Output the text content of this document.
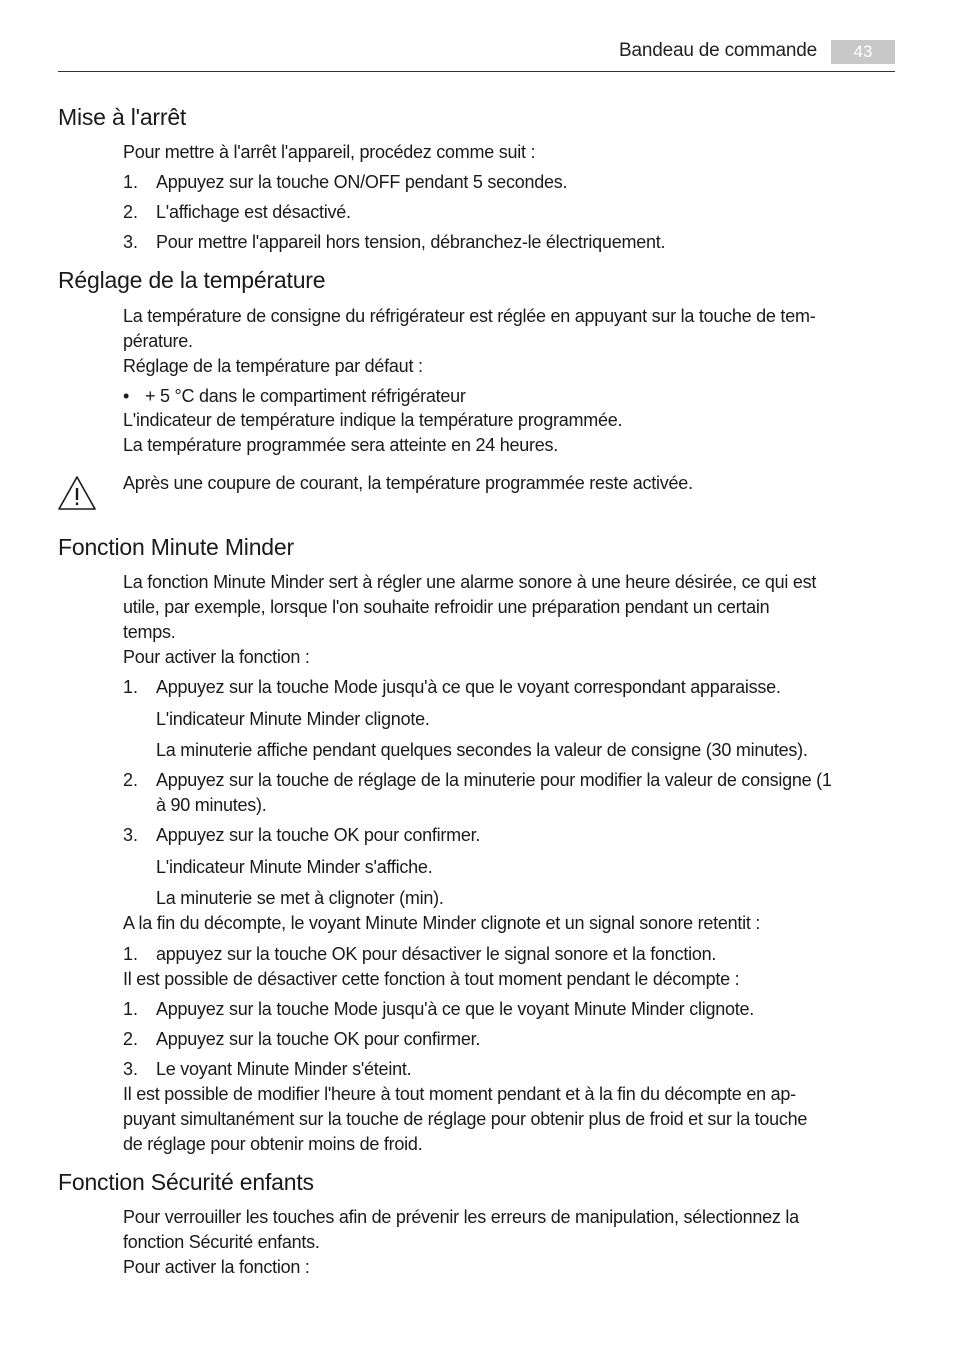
Bandeau de commande	43
Mise à l'arrêt

Pour mettre à l'arrêt l'appareil, procédez comme suit :

1. Appuyez sur la touche ON/OFF pendant 5 secondes.
2. L'affichage est désactivé.
3. Pour mettre l'appareil hors tension, débranchez-le électriquement.
Réglage de la température

La température de consigne du réfrigérateur est réglée en appuyant sur la touche de tem-

pérature.

Réglage de la température par défaut :

• + 5 °C dans le compartiment réfrigérateur

L'indicateur de température indique la température programmée.

La température programmée sera atteinte en 24 heures.

Après une coupure de courant, la température programmée reste activée.

Fonction Minute Minder

La fonction Minute Minder sert à régler une alarme sonore à une heure désirée, ce qui est

utile, par exemple, lorsque l'on souhaite refroidir une préparation pendant un certain

temps.

Pour activer la fonction :

1. Appuyez sur la touche Mode jusqu'à ce que le voyant correspondant apparaisse.
L'indicateur Minute Minder clignote.
La minuterie affiche pendant quelques secondes la valeur de consigne (30 minutes).
2. Appuyez sur la touche de réglage de la minuterie pour modifier la valeur de consigne (1
à 90 minutes).
3. Appuyez sur la touche OK pour confirmer.
L'indicateur Minute Minder s'affiche.
La minuterie se met à clignoter (min).

A la fin du décompte, le voyant Minute Minder clignote et un signal sonore retentit :

1. appuyez sur la touche OK pour désactiver le signal sonore et la fonction.

Il est possible de désactiver cette fonction à tout moment pendant le décompte :

1. Appuyez sur la touche Mode jusqu'à ce que le voyant Minute Minder clignote.
2. Appuyez sur la touche OK pour confirmer.
3. Le voyant Minute Minder s'éteint.

Il est possible de modifier l'heure à tout moment pendant et à la fin du décompte en ap-

puyant simultanément sur la touche de réglage pour obtenir plus de froid et sur la touche

de réglage pour obtenir moins de froid.

Fonction Sécurité enfants

Pour verrouiller les touches afin de prévenir les erreurs de manipulation, sélectionnez la

fonction Sécurité enfants.

Pour activer la fonction :
